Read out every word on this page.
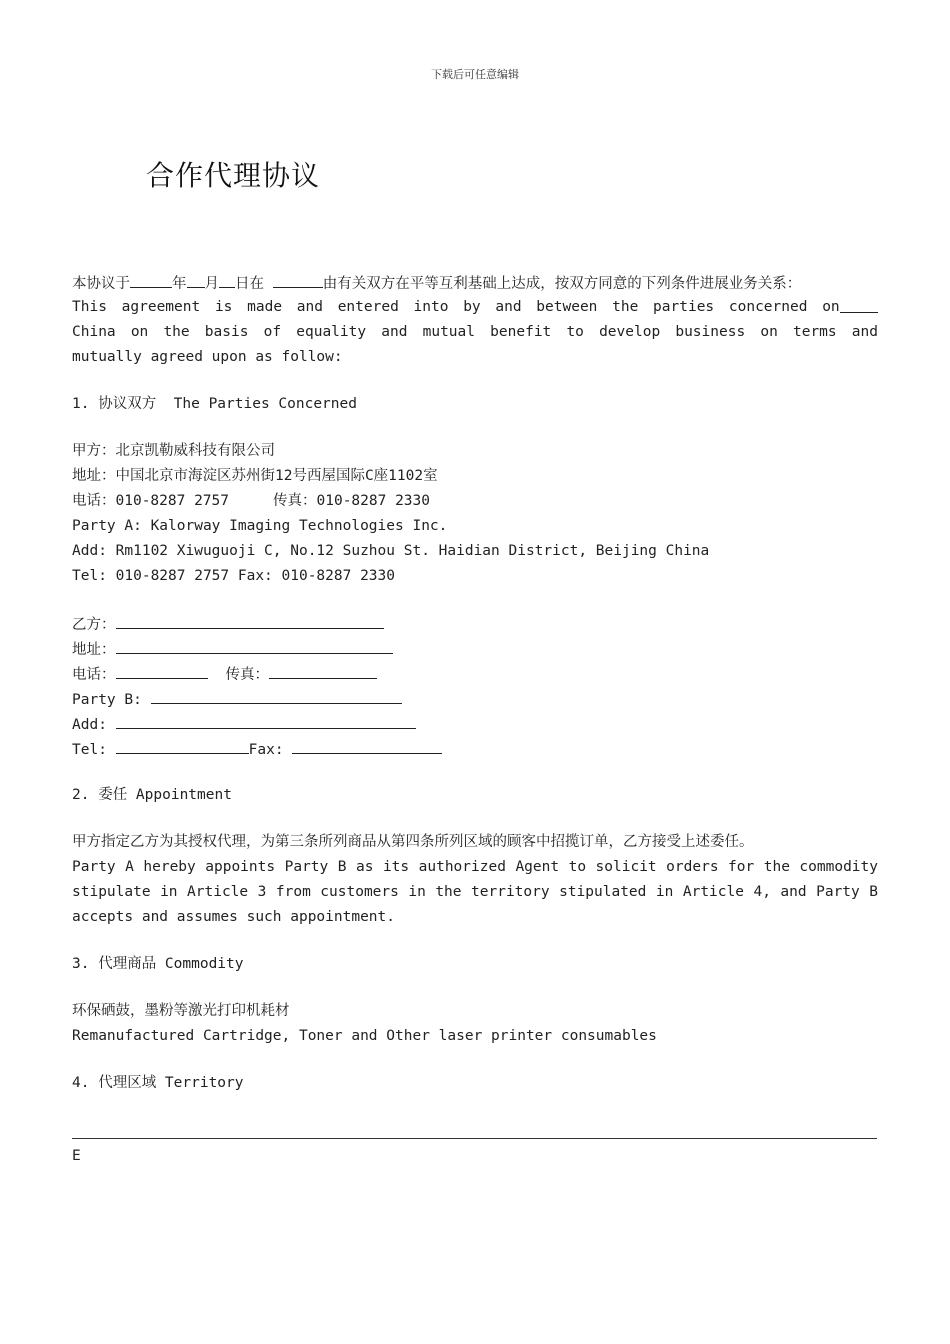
下载后可任意编辑
合作代理协议
本协议于	年 月 日在	由有关双方在平等互利基础上达成，按双方同意的下列条件进展业务关系：
This agreement is made and entered into by and between the parties concerned on
China on the basis of equality and mutual benefit to develop business on terms and
mutually agreed upon as follow:
1. 协议双方  The Parties Concerned
甲方：北京凯勒威科技有限公司
地址：中国北京市海淀区苏州街12号西屋国际C座1102室
电话：010-8287 2757	传真：010-8287 2330
Party A: Kalorway Imaging Technologies Inc.
Add: Rm1102 Xiwuguoji C, No.12 Suzhou St. Haidian District, Beijing China
Tel: 010-8287 2757 Fax: 010-8287 2330
乙方：
地址：
电话：	传真：
Party B:
Add:
Tel:	Fax:
2. 委任 Appointment
甲方指定乙方为其授权代理，为第三条所列商品从第四条所列区域的顾客中招揽订单，乙方接受上述委任。
Party A hereby appoints Party B as its authorized Agent to solicit orders for the commodity
stipulate in Article 3 from customers in the territory stipulated in Article 4, and Party B
accepts and assumes such appointment.
3. 代理商品 Commodity
环保硒鼓，墨粉等激光打印机耗材
Remanufactured Cartridge, Toner and Other laser printer consumables
4. 代理区域 Territory
E
